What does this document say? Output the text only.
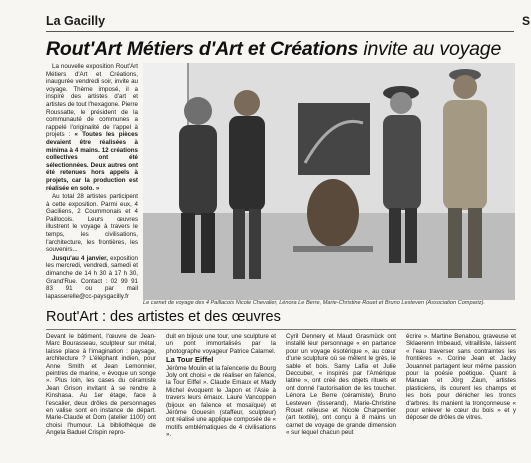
La Gacilly	S
Rout'Art Métiers d'Art et Créations invite au voyage

La nouvelle exposition Rout'Art Métiers d'Art et Créations, inaugurée vendredi soir, invite au voyage. Thème imposé, il a inspiré des artistes d'art et artistes de tout l'hexagone. Pierre Roussatte, le président de la communauté de communes a rappelé l'originalité de l'appel à projets : « Toutes les pièces devaient être réalisées à minima à 4 mains. 12 créations collectives ont été sélectionnées. Deux autres ont été retenues hors appels à projets, car la production est réalisée en solo. »

Au total 28 artistes participent à cette exposition. Parmi eux, 4 Gaciliens, 2 Coummonais et 4 Paillocois. Leurs œuvres illustrent le voyage à travers le temps, les civilisations, l'architecture, les frontières, les souvenirs...

Jusqu'au 4 janvier, exposition les mercredi, vendredi, samedi et dimanche de 14 h 30 à 17 h 30, Grand'Rue. Contact : 02 99 91 83 91 ou par mail lapasserelle@cc-paysgacilly.fr

Le carnet de voyage des 4 Paillacois Nicole Chevalier, Lénora Le Berre, Marie-Christine Rouet et Bruno Lesteven (Association Compariz).
Rout'Art : des artistes et des œuvres

Devant le bâtiment, l'œuvre de Jean-Marc Bourasseau, sculpteur sur métal, laisse place à l'imagination : paysage, architecture ? L'éléphant indien, pour Anne Smith et Jean Lemonnier, peintres de marine, « évoque un songe ». Plus loin, les cases du céramiste Jean Grison invitant à se rendre à Kinshasa. Au 1er étage, face à l'escalier, deux drôles de personnages en valise sont en instance de départ. Marie-Claude et Dom (atelier 1100) ont choisi l'humour. La bibliothèque de Angela Baduel Crispin repro-

duit en bijoux une tour, une sculpture et un pont immortalisés par la photographe voyageur Patrice Calarnel.

La Tour Eiffel

Jérôme Moulin et la faïencerie du Bourg Joly ont choisi « de réaliser en faïence, la Tour Eiffel ». Claude Emaux et Mady Michel évoquent le Japon et l'Asie à travers leurs émaux. Laure Vancoppen (bijoux en faïence et mosaïque) et Jérôme Gouesin (staffeur, sculpteur) ont réalisé une applique composée de « motifs emblématiques de 4 civilisations ».

Cyril Dennery et Maud Grasmück ont installé leur personnage « en partance pour un voyage ésotérique », au cœur d'une sculpture où se mêlent le grès, le sable et bois. Samy Lafia et Julie Deccuber, « inspirés par l'Amérique latine », ont créé des objets rituels et ont donné l'autorisation de les toucher. Lénora Le Berre (céramiste), Bruno Lesteven (tisserand), Marie-Christine Rouet relieuse et Nicole Charpentier (art textile), ont conçu à 8 mains un carnet de voyage de grande dimension « sur lequel chacun peut

écrire ». Martine Benabou, graveuse et Sklaerenn Imbeaud, vitrailliste, laissent « l'eau traverser sans contraintes les frontières ». Corine Jean et Jacky Jouannet partagent leur même passion pour la poésie poétique. Quant à Manuan et Jörg Zaun, artistes plasticiens, ils courent les champs et les bois pour dénicher les troncs d'arbres. Ils manient la tronçonneuse « pour enlever le cœur du bois » et y déposer de drôles de vitres.
